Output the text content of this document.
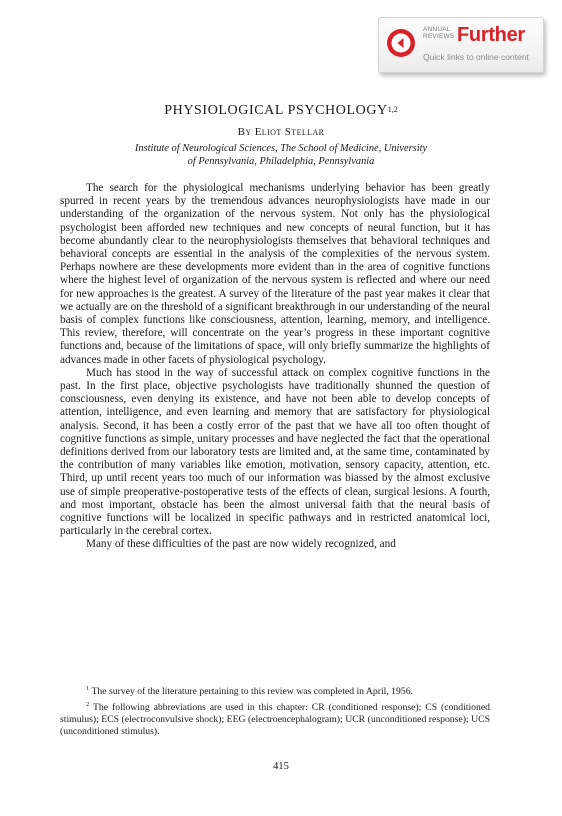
ANNUAL
REVIEWS Further
Quick links to online content
PHYSIOLOGICAL PSYCHOLOGY$^{1,2}$
By Eliot Stellar
Institute of Neurological Sciences, The School of Medicine, University
of Pennsylvania, Philadelphia, Pennsylvania

The search for the physiological mechanisms underlying behavior has been greatly spurred in recent years by the tremendous advances neurophysiologists have made in our understanding of the organization of the nervous system. Not only has the physiological psychologist been afforded new techniques and new concepts of neural function, but it has become abundantly clear to the neurophysiologists themselves that behavioral techniques and behavioral concepts are essential in the analysis of the complexities of the nervous system. Perhaps nowhere are these developments more evident than in the area of cognitive functions where the highest level of organization of the nervous system is reflected and where our need for new approaches is the greatest. A survey of the literature of the past year makes it clear that we actually are on the threshold of a significant breakthrough in our understanding of the neural basis of complex functions like consciousness, attention, learning, memory, and intelligence. This review, therefore, will concentrate on the year’s progress in these important cognitive functions and, because of the limitations of space, will only briefly summarize the highlights of advances made in other facets of physiological psychology.

Much has stood in the way of successful attack on complex cognitive functions in the past. In the first place, objective psychologists have traditionally shunned the question of consciousness, even denying its existence, and have not been able to develop concepts of attention, intelligence, and even learning and memory that are satisfactory for physiological analysis. Second, it has been a costly error of the past that we have all too often thought of cognitive functions as simple, unitary processes and have neglected the fact that the operational definitions derived from our laboratory tests are limited and, at the same time, contaminated by the contribution of many variables like emotion, motivation, sensory capacity, attention, etc. Third, up until recent years too much of our information was biassed by the almost exclusive use of simple preoperative-postoperative tests of the effects of clean, surgical lesions. A fourth, and most important, obstacle has been the almost universal faith that the neural basis of cognitive functions will be localized in specific pathways and in restricted anatomical loci, particularly in the cerebral cortex.

Many of these difficulties of the past are now widely recognized, and

$^1$ The survey of the literature pertaining to this review was completed in April, 1956.

$^2$ The following abbreviations are used in this chapter: CR (conditioned response); CS (conditioned stimulus); ECS (electroconvulsive shock); EEG (electroencephalogram); UCR (unconditioned response); UCS (unconditioned stimulus).

415
